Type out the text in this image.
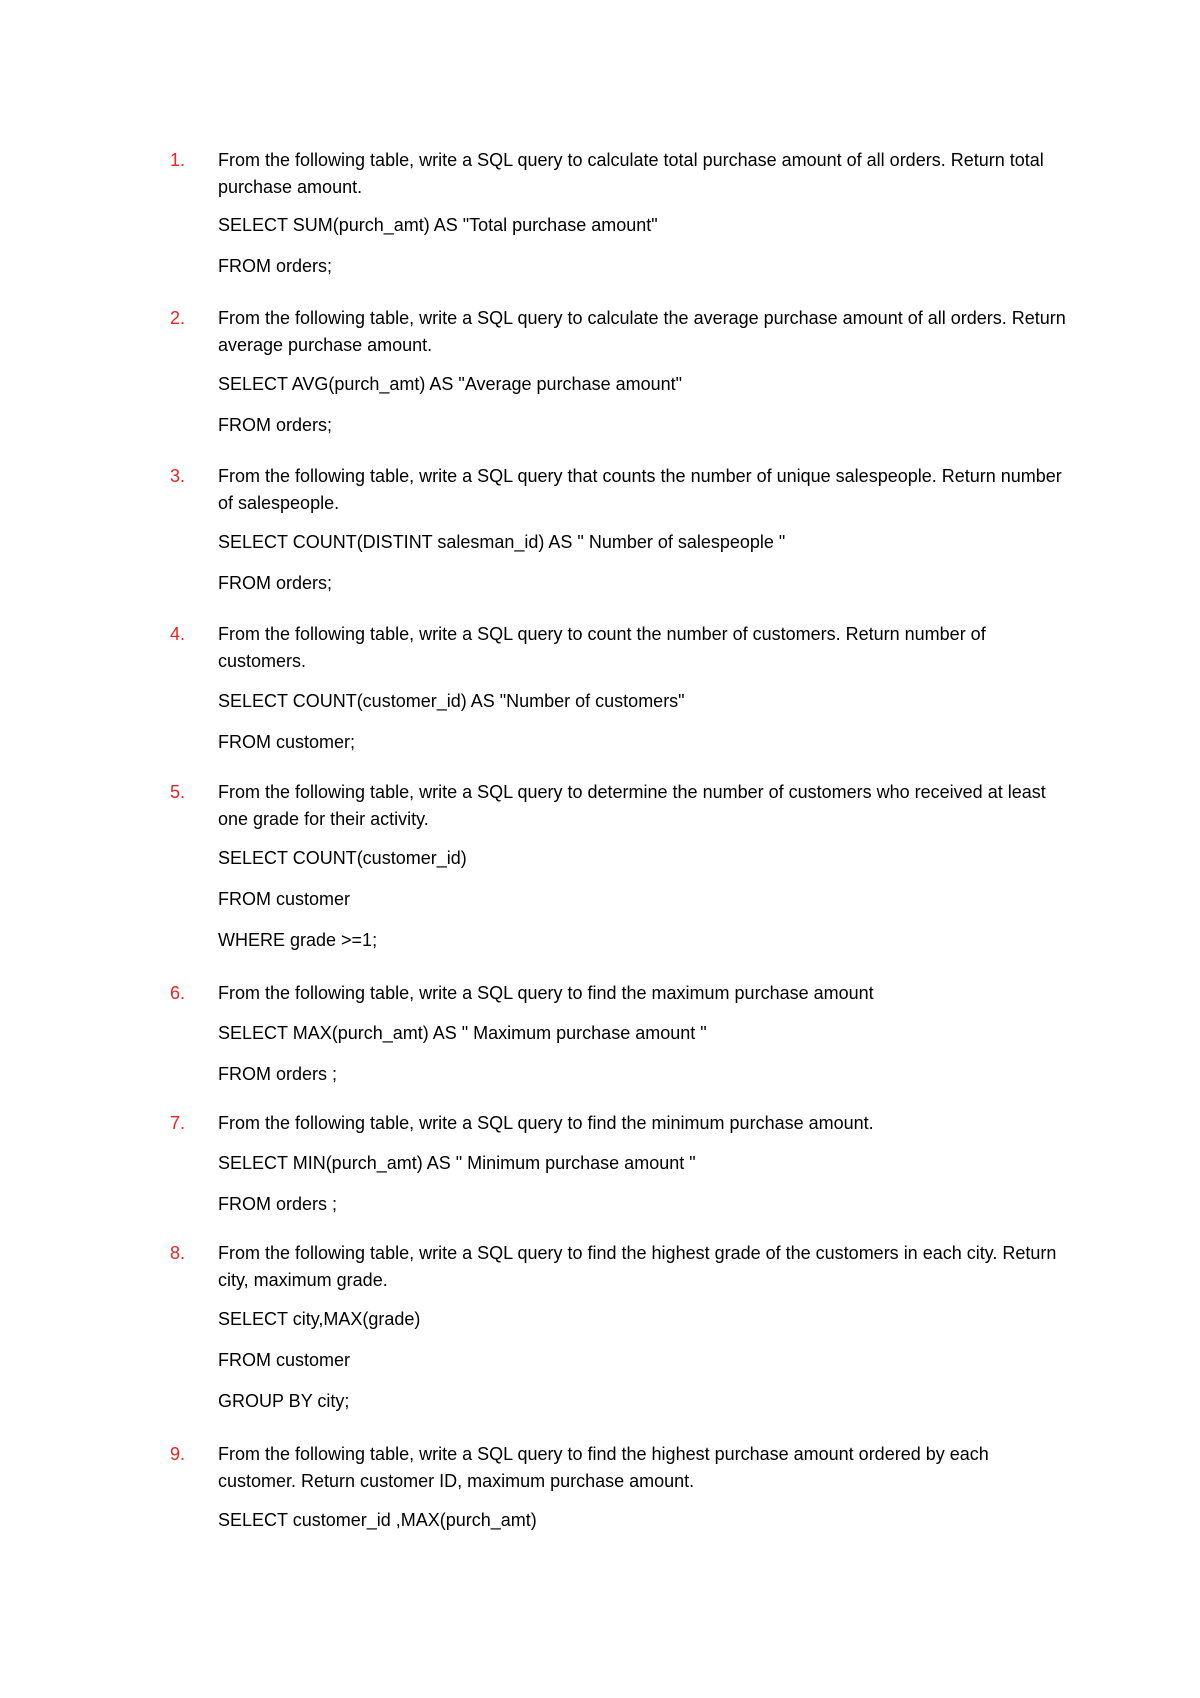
1.	From the following table, write a SQL query to calculate total purchase amount of all orders. Return total purchase amount.
SELECT SUM(purch_amt) AS "Total purchase amount"
FROM orders;
2.	From the following table, write a SQL query to calculate the average purchase amount of all orders. Return average purchase amount.
SELECT AVG(purch_amt) AS "Average purchase amount"
FROM orders;
3.	From the following table, write a SQL query that counts the number of unique salespeople. Return number of salespeople.
SELECT COUNT(DISTINT salesman_id) AS " Number of salespeople "
FROM orders;
4.	From the following table, write a SQL query to count the number of customers. Return number of customers.
SELECT COUNT(customer_id) AS "Number of customers"
FROM customer;
5.	From the following table, write a SQL query to determine the number of customers who received at least one grade for their activity.
SELECT COUNT(customer_id)
FROM customer
WHERE grade >=1;
6.	From the following table, write a SQL query to find the maximum purchase amount
SELECT MAX(purch_amt) AS " Maximum purchase amount "
FROM orders ;
7.	From the following table, write a SQL query to find the minimum purchase amount.
SELECT MIN(purch_amt) AS " Minimum purchase amount "
FROM orders ;
8.	From the following table, write a SQL query to find the highest grade of the customers in each city. Return city, maximum grade.
SELECT city,MAX(grade)
FROM customer
GROUP BY city;
9.	From the following table, write a SQL query to find the highest purchase amount ordered by each customer. Return customer ID, maximum purchase amount.
SELECT customer_id ,MAX(purch_amt)
